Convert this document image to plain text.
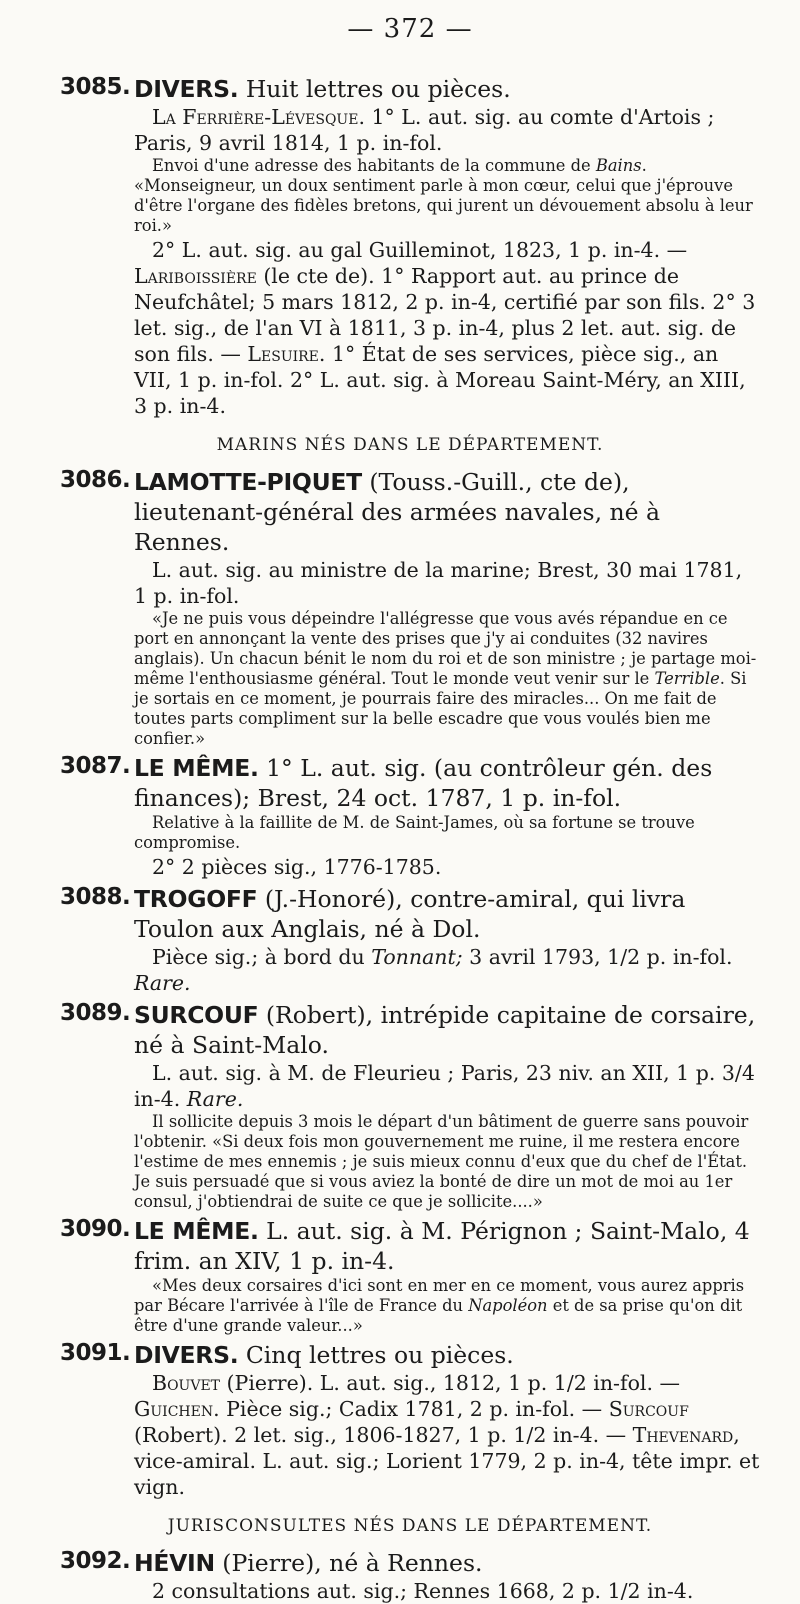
— 372 —
3085. DIVERS. Huit lettres ou pièces.

La Ferrière-Lévesque. 1° L. aut. sig. au comte d'Artois ; Paris, 9 avril 1814, 1 p. in-fol.

Envoi d'une adresse des habitants de la commune de Bains. «Monseigneur, un doux sentiment parle à mon cœur, celui que j'éprouve d'être l'organe des fidèles bretons, qui jurent un dévouement absolu à leur roi.»

2° L. aut. sig. au gal Guilleminot, 1823, 1 p. in-4. — Lariboissière (le cte de). 1° Rapport aut. au prince de Neufchâtel; 5 mars 1812, 2 p. in-4, certifié par son fils. 2° 3 let. sig., de l'an VI à 1811, 3 p. in-4, plus 2 let. aut. sig. de son fils. — Lesuire. 1° État de ses services, pièce sig., an VII, 1 p. in-fol. 2° L. aut. sig. à Moreau Saint-Méry, an XIII, 3 p. in-4.

MARINS NÉS DANS LE DÉPARTEMENT.
3086. LAMOTTE-PIQUET (Touss.-Guill., cte de), lieutenant-général des armées navales, né à Rennes.

L. aut. sig. au ministre de la marine; Brest, 30 mai 1781, 1 p. in-fol.

«Je ne puis vous dépeindre l'allégresse que vous avés répandue en ce port en annonçant la vente des prises que j'y ai conduites (32 navires anglais). Un chacun bénit le nom du roi et de son ministre ; je partage moi-même l'enthousiasme général. Tout le monde veut venir sur le Terrible. Si je sortais en ce moment, je pourrais faire des miracles... On me fait de toutes parts compliment sur la belle escadre que vous voulés bien me confier.»

3087. LE MÊME. 1° L. aut. sig. (au contrôleur gén. des finances); Brest, 24 oct. 1787, 1 p. in-fol.

Relative à la faillite de M. de Saint-James, où sa fortune se trouve compromise.

2° 2 pièces sig., 1776-1785.

3088. TROGOFF (J.-Honoré), contre-amiral, qui livra Toulon aux Anglais, né à Dol.

Pièce sig.; à bord du Tonnant; 3 avril 1793, 1/2 p. in-fol. Rare.

3089. SURCOUF (Robert), intrépide capitaine de corsaire, né à Saint-Malo.

L. aut. sig. à M. de Fleurieu ; Paris, 23 niv. an XII, 1 p. 3/4 in-4. Rare.

Il sollicite depuis 3 mois le départ d'un bâtiment de guerre sans pouvoir l'obtenir. «Si deux fois mon gouvernement me ruine, il me restera encore l'estime de mes ennemis ; je suis mieux connu d'eux que du chef de l'État. Je suis persuadé que si vous aviez la bonté de dire un mot de moi au 1er consul, j'obtiendrai de suite ce que je sollicite....»

3090. LE MÊME. L. aut. sig. à M. Pérignon ; Saint-Malo, 4 frim. an XIV, 1 p. in-4.

«Mes deux corsaires d'ici sont en mer en ce moment, vous aurez appris par Bécare l'arrivée à l'île de France du Napoléon et de sa prise qu'on dit être d'une grande valeur...»

3091. DIVERS. Cinq lettres ou pièces.

Bouvet (Pierre). L. aut. sig., 1812, 1 p. 1/2 in-fol. — Guichen. Pièce sig.; Cadix 1781, 2 p. in-fol. — Surcouf (Robert). 2 let. sig., 1806-1827, 1 p. 1/2 in-4. — Thevenard, vice-amiral. L. aut. sig.; Lorient 1779, 2 p. in-4, tête impr. et vign.

JURISCONSULTES NÉS DANS LE DÉPARTEMENT.
3092. HÉVIN (Pierre), né à Rennes.

2 consultations aut. sig.; Rennes 1668, 2 p. 1/2 in-4.
